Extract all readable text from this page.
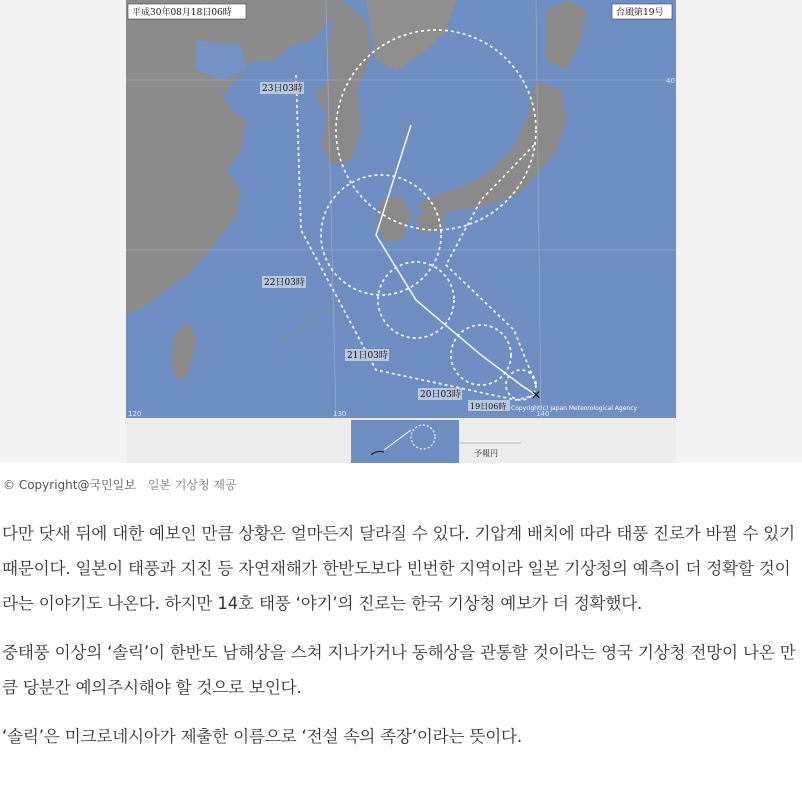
✕
平成30年08月18日06時	台風第19号
23日03時
22日03時
21日03時
20日03時
19日06時 Copyright(c) Japan Meteorological Agency
120	130	140
40
予報円
© Copyright@국민일보 일본 기상청 제공

다만 닷새 뒤에 대한 예보인 만큼 상황은 얼마든지 달라질 수 있다. 기압계 배치에 따라 태풍 진로가 바뀔 수 있기 때문이다. 일본이 태풍과 지진 등 자연재해가 한반도보다 빈번한 지역이라 일본 기상청의 예측이 더 정확할 것이라는 이야기도 나온다. 하지만 14호 태풍 ‘야기’의 진로는 한국 기상청 예보가 더 정확했다.

중태풍 이상의 ‘솔릭’이 한반도 남해상을 스쳐 지나가거나 동해상을 관통할 것이라는 영국 기상청 전망이 나온 만큼 당분간 예의주시해야 할 것으로 보인다.

‘솔릭’은 미크로네시아가 제출한 이름으로 ‘전설 속의 족장’이라는 뜻이다.
